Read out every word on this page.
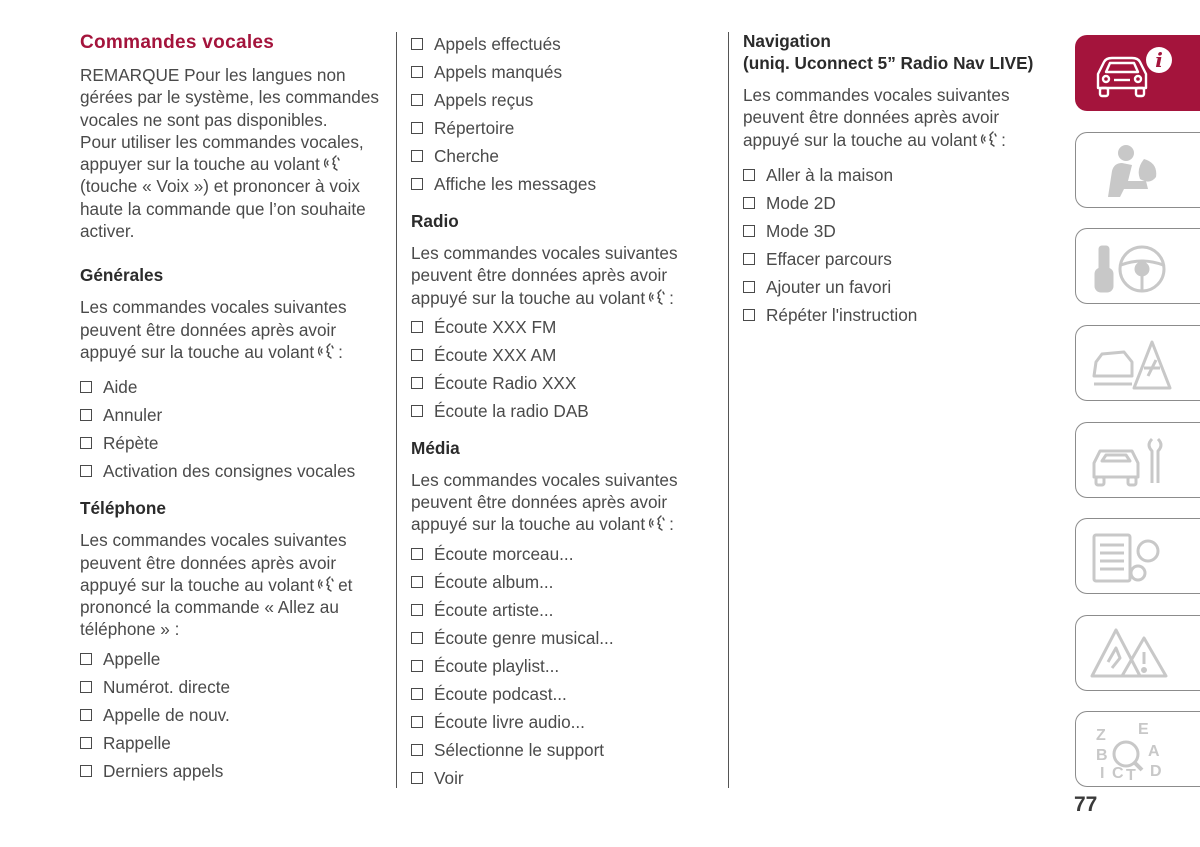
Commandes vocales

REMARQUE Pour les langues non gérées par le système, les commandes vocales ne sont pas disponibles.

Pour utiliser les commandes vocales, appuyer sur la touche au volant(touche « Voix ») et prononcer à voix haute la commande que l’on souhaite activer.

Générales

Les commandes vocales suivantes peuvent être données après avoir appuyé sur la touche au volant :

Aide
Annuler
Répète
Activation des consignes vocales
Téléphone

Les commandes vocales suivantes peuvent être données après avoir appuyé sur la touche au volant et prononcé la commande « Allez au téléphone » :

Appelle
Numérot. directe
Appelle de nouv.
Rappelle
Derniers appels
Appels effectués
Appels manqués
Appels reçus
Répertoire
Cherche
Affiche les messages
Radio

Les commandes vocales suivantes peuvent être données après avoir appuyé sur la touche au volant :

Écoute XXX FM
Écoute XXX AM
Écoute Radio XXX
Écoute la radio DAB
Média

Les commandes vocales suivantes peuvent être données après avoir appuyé sur la touche au volant :

Écoute morceau...
Écoute album...
Écoute artiste...
Écoute genre musical...
Écoute playlist...
Écoute podcast...
Écoute livre audio...
Sélectionne le support
Voir
Navigation
(uniq. Uconnect 5” Radio Nav LIVE)

Les commandes vocales suivantes peuvent être données après avoir appuyé sur la touche au volant :

Aller à la maison
Mode 2D
Mode 3D
Effacer parcours
Ajouter un favori
Répéter l'instruction
i
Z E
B	A
C
I T D
77
